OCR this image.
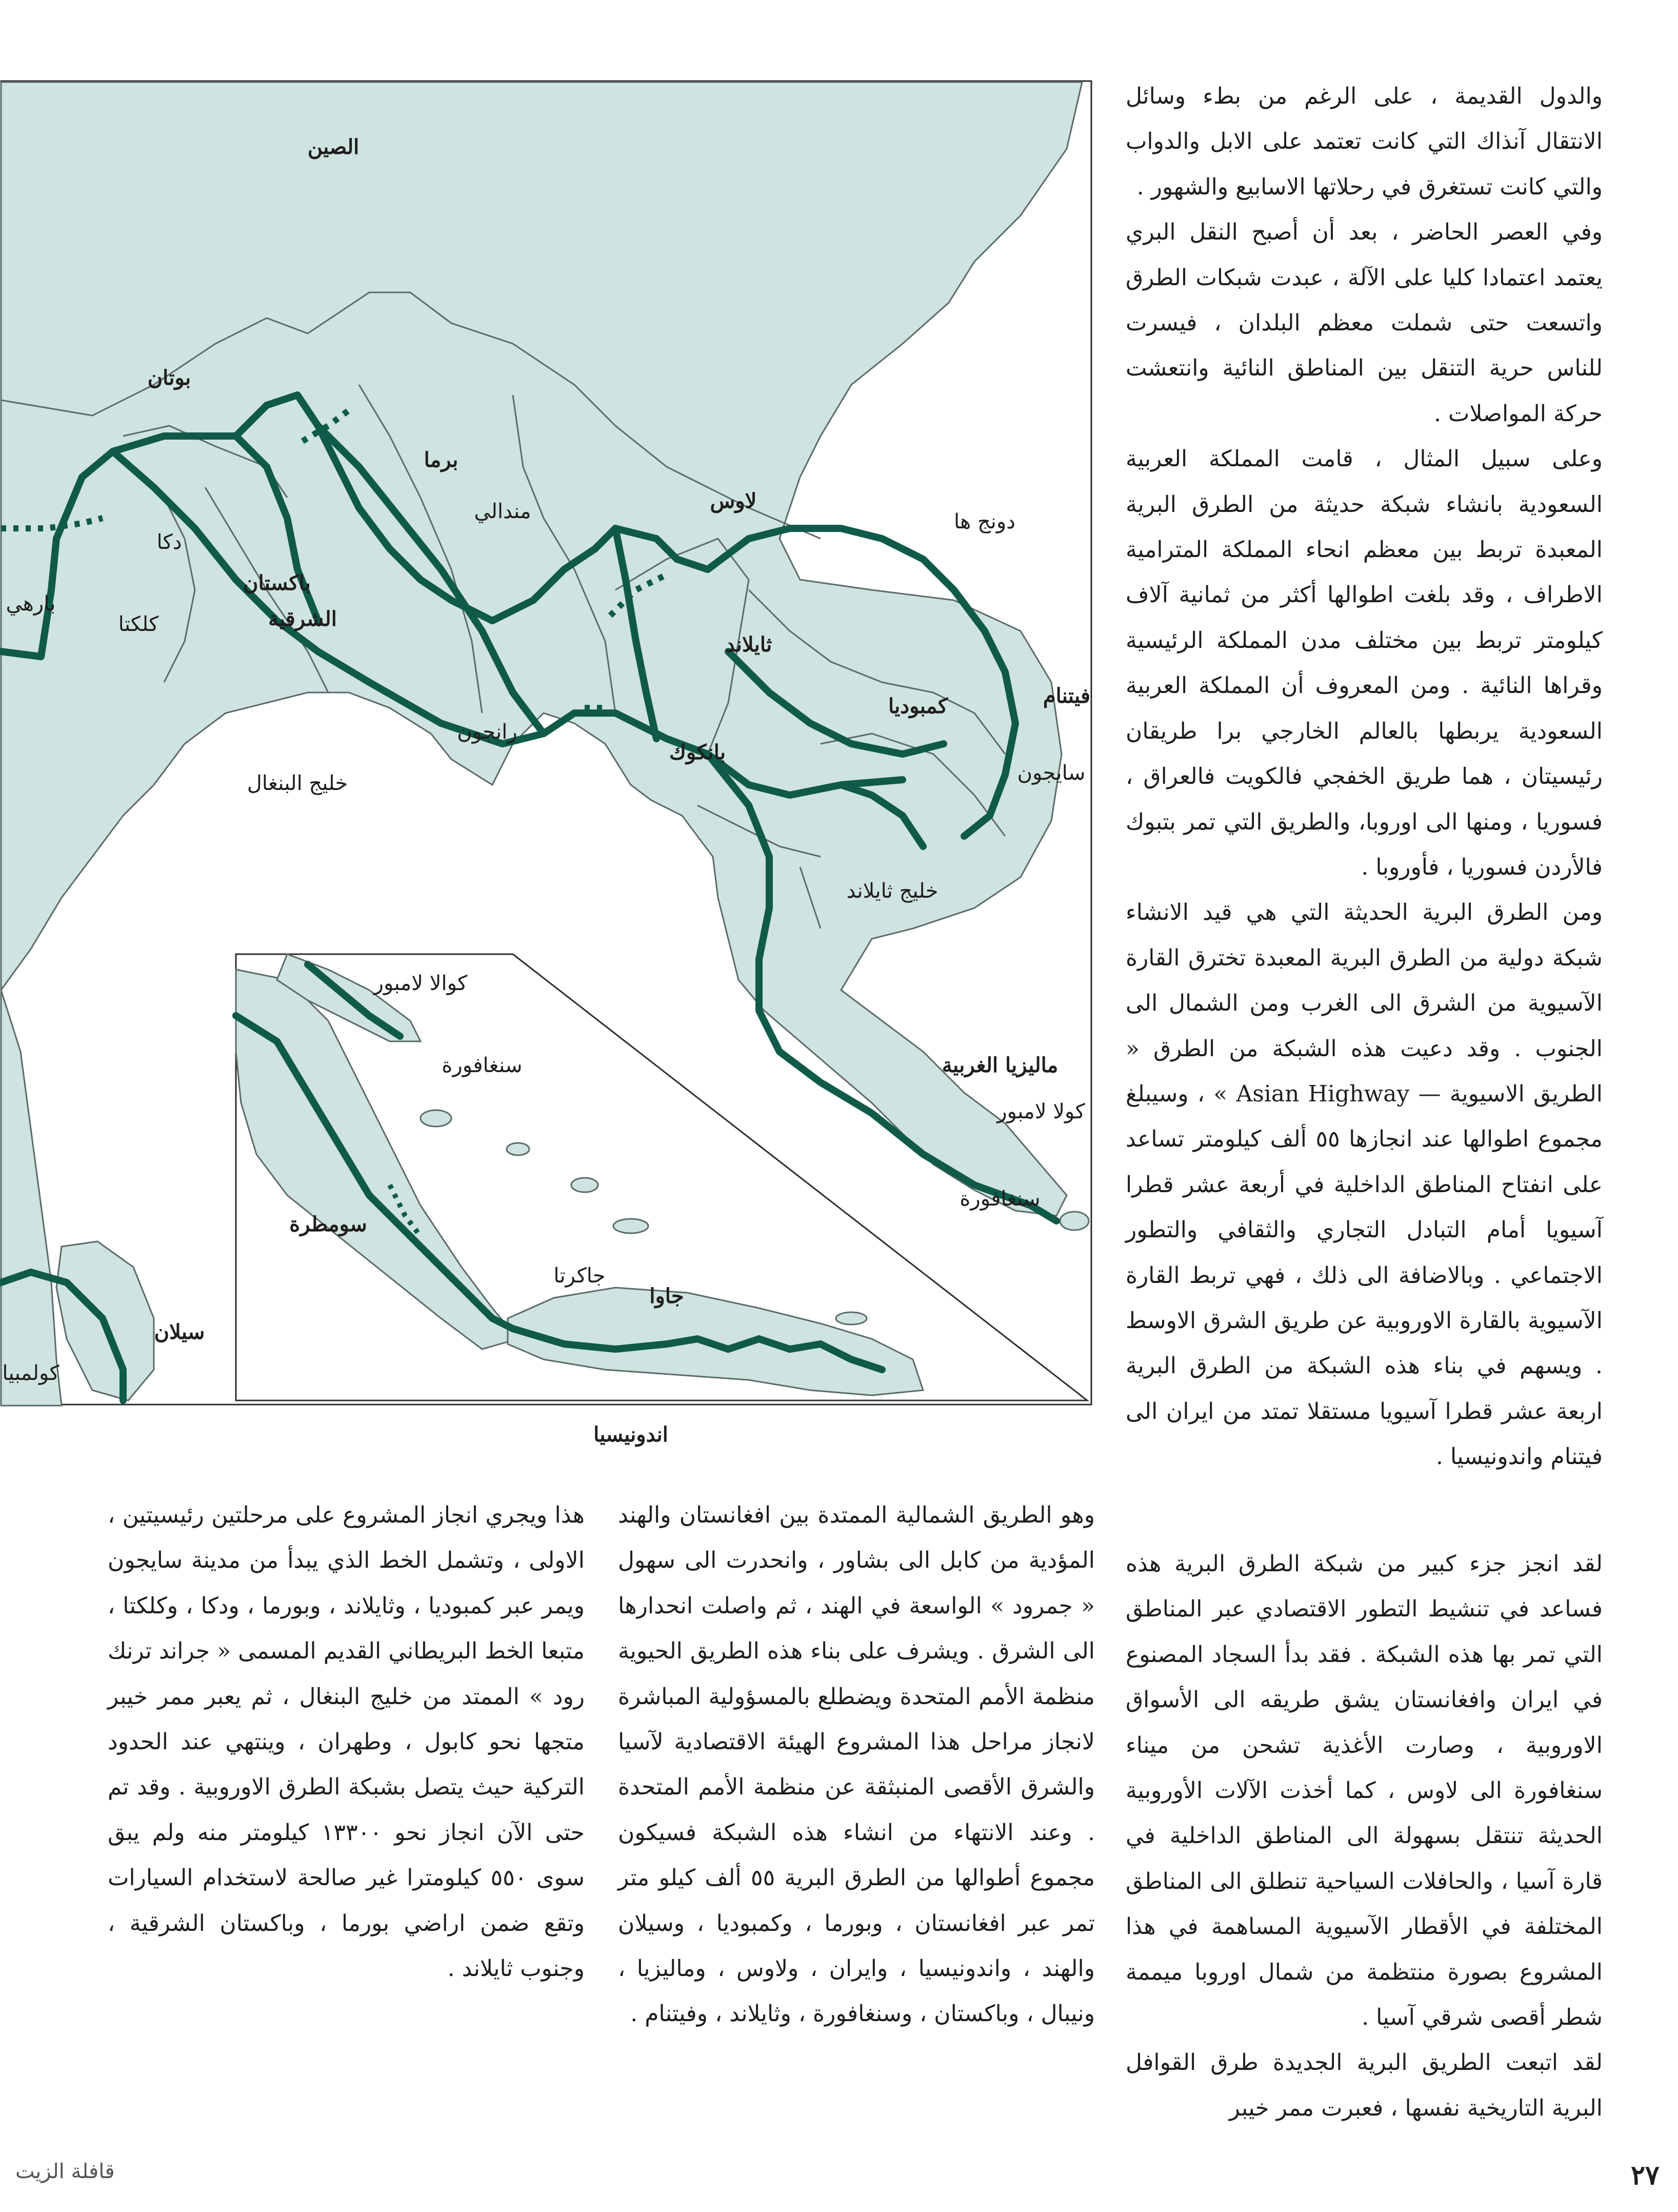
الصين
بوتان
برما
مندالي	لاوس
دونج ها
دكا
باكستان
الشرقية
كلكتا
بارهي
ثايلاند
فيتنام
رانجون
كمبوديا
بانكوك
سايجون
خليج البنغال
خليج ثايلاند
ماليزيا الغربية
كولا لامبور
سنغافورة
سيلان
كولمبيا
كوالا لامبور
سنغافورة
سومطرة
جاكرتا
جاوا
اندونيسيا
والدول القديمة ، على الرغم من بطء وسائل الانتقال آنذاك التي كانت تعتمد على الابل والدواب والتي كانت تستغرق في رحلاتها الاسابيع والشهور .
وفي العصر الحاضر ، بعد أن أصبح النقل البري يعتمد اعتمادا كليا على الآلة ، عبدت شبكات الطرق واتسعت حتى شملت معظم البلدان ، فيسرت للناس حرية التنقل بين المناطق النائية وانتعشت حركة المواصلات .
وعلى سبيل المثال ، قامت المملكة العربية السعودية بانشاء شبكة حديثة من الطرق البرية المعبدة تربط بين معظم انحاء المملكة المترامية الاطراف ، وقد بلغت اطوالها أكثر من ثمانية آلاف كيلومتر تربط بين مختلف مدن المملكة الرئيسية وقراها النائية . ومن المعروف أن المملكة العربية السعودية يربطها بالعالم الخارجي برا طريقان رئيسيتان ، هما طريق الخفجي فالكويت فالعراق ، فسوريا ، ومنها الى اوروبا، والطريق التي تمر بتبوك فالأردن فسوريا ، فأوروبا .
ومن الطرق البرية الحديثة التي هي قيد الانشاء شبكة دولية من الطرق البرية المعبدة تخترق القارة الآسيوية من الشرق الى الغرب ومن الشمال الى الجنوب . وقد دعيت هذه الشبكة من الطرق « الطريق الاسيوية — Asian Highway » ، وسيبلغ مجموع اطوالها عند انجازها ٥٥ ألف كيلومتر تساعد على انفتاح المناطق الداخلية في أربعة عشر قطرا آسيويا أمام التبادل التجاري والثقافي والتطور الاجتماعي . وبالاضافة الى ذلك ، فهي تربط القارة الآسيوية بالقارة الاوروبية عن طريق الشرق الاوسط . ويسهم في بناء هذه الشبكة من الطرق البرية اربعة عشر قطرا آسيويا مستقلا تمتد من ايران الى فيتنام واندونيسيا .
لقد انجز جزء كبير من شبكة الطرق البرية هذه فساعد في تنشيط التطور الاقتصادي عبر المناطق التي تمر بها هذه الشبكة . فقد بدأ السجاد المصنوع في ايران وافغانستان يشق طريقه الى الأسواق الاوروبية ، وصارت الأغذية تشحن من ميناء سنغافورة الى لاوس ، كما أخذت الآلات الأوروبية الحديثة تنتقل بسهولة الى المناطق الداخلية في قارة آسيا ، والحافلات السياحية تنطلق الى المناطق المختلفة في الأقطار الآسيوية المساهمة في هذا المشروع بصورة منتظمة من شمال اوروبا ميممة شطر أقصى شرقي آسيا .
لقد اتبعت الطريق البرية الجديدة طرق القوافل البرية التاريخية نفسها ، فعبرت ممر خيبر
وهو الطريق الشمالية الممتدة بين افغانستان والهند المؤدية من كابل الى بشاور ، وانحدرت الى سهول « جمرود » الواسعة في الهند ، ثم واصلت انحدارها الى الشرق . ويشرف على بناء هذه الطريق الحيوية منظمة الأمم المتحدة ويضطلع بالمسؤولية المباشرة لانجاز مراحل هذا المشروع الهيئة الاقتصادية لآسيا والشرق الأقصى المنبثقة عن منظمة الأمم المتحدة . وعند الانتهاء من انشاء هذه الشبكة فسيكون مجموع أطوالها من الطرق البرية ٥٥ ألف كيلو متر تمر عبر افغانستان ، وبورما ، وكمبوديا ، وسيلان والهند ، واندونيسيا ، وايران ، ولاوس ، وماليزيا ، ونيبال ، وباكستان ، وسنغافورة ، وثايلاند ، وفيتنام .
هذا ويجري انجاز المشروع على مرحلتين رئيسيتين ، الاولى ، وتشمل الخط الذي يبدأ من مدينة سايجون ويمر عبر كمبوديا ، وثايلاند ، وبورما ، ودكا ، وكلكتا ، متبعا الخط البريطاني القديم المسمى « جراند ترنك رود » الممتد من خليج البنغال ، ثم يعبر ممر خيبر متجها نحو كابول ، وطهران ، وينتهي عند الحدود التركية حيث يتصل بشبكة الطرق الاوروبية . وقد تم حتى الآن انجاز نحو ١٣٣٠٠ كيلومتر منه ولم يبق سوى ٥٥٠ كيلومترا غير صالحة لاستخدام السيارات وتقع ضمن اراضي بورما ، وباكستان الشرقية ، وجنوب ثايلاند .
٢٧
قافلة الزيت
